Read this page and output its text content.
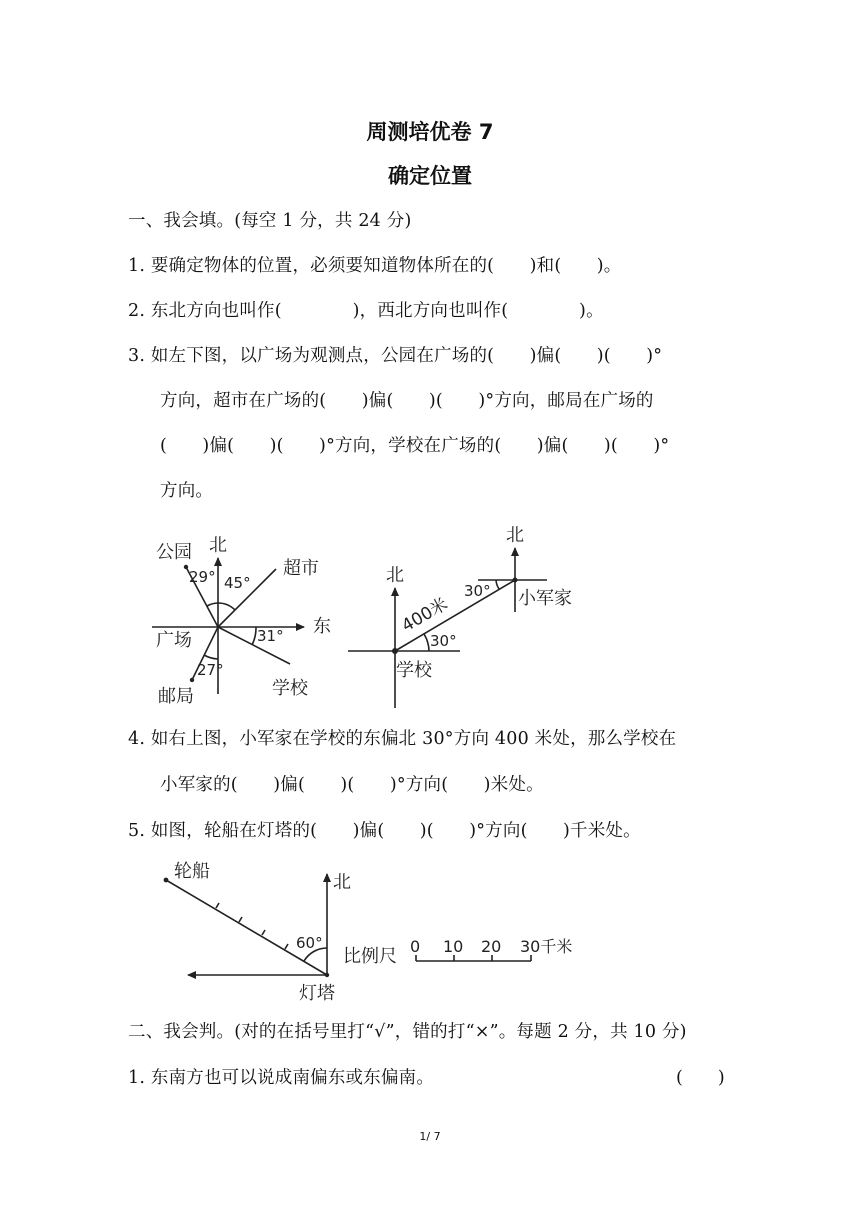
周测培优卷 7
确定位置
一、我会填。(每空 1 分，共 24 分)
1. 要确定物体的位置，必须要知道物体所在的(　　)和(　　)。
2. 东北方向也叫作(　　　　)，西北方向也叫作(　　　　)。
3. 如左下图，以广场为观测点，公园在广场的(　　)偏(　　)(　　)°
方向，超市在广场的(　　)偏(　　)(　　)°方向，邮局在广场的
(　　)偏(　　)(　　)°方向，学校在广场的(　　)偏(　　)(　　)°
方向。
北
东
广场
公园
超市
邮局	学校
29° 45°
31°
27°
北
北
学校
小军家
30°
30°
400米
4. 如右上图，小军家在学校的东偏北 30°方向 400 米处，那么学校在
小军家的(　　)偏(　　)(　　)°方向(　　)米处。
5. 如图，轮船在灯塔的(　　)偏(　　)(　　)°方向(　　)千米处。
轮船
北
灯塔
60°
比例尺 0 10 20 30千米
二、我会判。(对的在括号里打“√”，错的打“×”。每题 2 分，共 10 分)
1. 东南方也可以说成南偏东或东偏南。	(　　)
1/ 7
